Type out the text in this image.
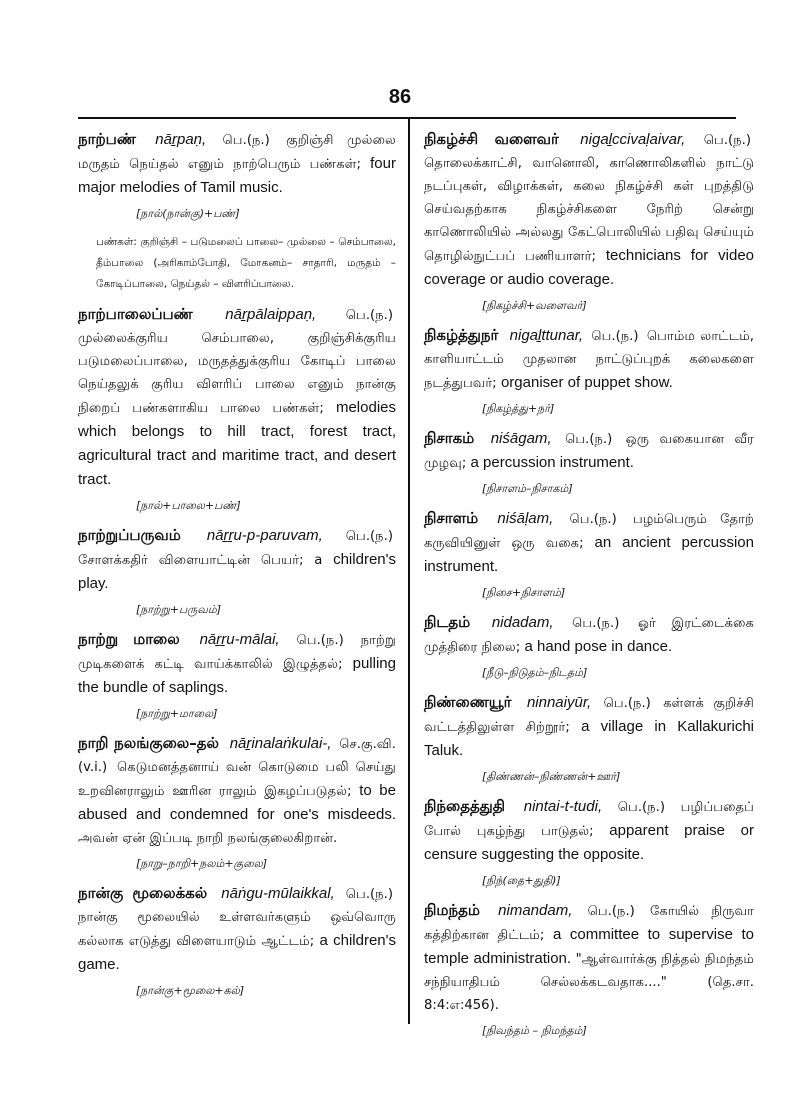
86
நாற்பண் nāṟpaṇ, பெ.(ந.) குறிஞ்சி முல்லை மருதம் நெய்தல் எனும் நாற்பெரும் பண்கள்; four major melodies of Tamil music.
[நால்(நான்கு)+பண்]
பண்கள்: குறிஞ்சி – படுமலைப் பாலை– முல்லை – செம்பாலை, தீம்பாலை (அரிகாம்போதி, மோகனம்– சாதாரி, மருதம் – கோடிப்பாலை, நெய்தல் – விளரிப்பாலை.
நாற்பாலைப்பண் nāṟpālaippaṇ, பெ.(ந.) முல்லைக்குரிய செம்பாலை, குறிஞ்சிக்குரிய படுமலைப்பாலை, மருதத்துக்குரிய கோடிப் பாலை நெய்தலுக் குரிய விளரிப் பாலை எனும் நான்கு நிறைப் பண்களாகிய பாலை பண்கள்; melodies which belongs to hill tract, forest tract, agricultural tract and maritime tract, and desert tract.
[நால்+பாலை+பண்]
நாற்றுப்பருவம் nāṟṟu-p-paruvam, பெ.(ந.) சோளக்கதிர் விளையாட்டின் பெயர்; a children's play.
[நாற்று+பருவம்]
நாற்று மாலை nāṟṟu-mālai, பெ.(ந.) நாற்று முடிகளைக் கட்டி வாய்க்காலில் இழுத்தல்; pulling the bundle of saplings.
[நாற்று+மாலை]
நாறி நலங்குலை–தல் nāṟinalaṅkulai-, செ.கு.வி.(v.i.) கெடுமனத்தனாய் வன் கொடுமை பலி செய்து உறவினராலும் ஊரின ராலும் இகழப்படுதல்; to be abused and condemned for one's misdeeds. அவன் ஏன் இப்படி நாறி நலங்குலைகிறான்.
[நாறு–நாறி+நலம்+குலை]
நான்கு மூலைக்கல் nāṅgu-mūlaikkal, பெ.(ந.) நான்கு மூலையில் உள்ளவர்களும் ஒவ்வொரு கல்லாக எடுத்து விளையாடும் ஆட்டம்; a children's game.
[நான்கு+மூலை+கல்]
நிகழ்ச்சி வளைவர் nigaḻccivaḷaivar, பெ.(ந.) தொலைக்காட்சி, வானொலி, காணொலிகளில் நாட்டு நடப்புகள், விழாக்கள், கலை நிகழ்ச்சி கள் புறத்திடு செய்வதற்காக நிகழ்ச்சிகளை நேரிற் சென்று காணொலியில் அல்லது கேட்பொலியில் பதிவு செய்யும் தொழில்நுட்பப் பணியாளர்; technicians for video coverage or audio coverage.
[நிகழ்ச்சி+வளைவர்]
நிகழ்த்துநர் nigaḻttunar, பெ.(ந.) பொம்ம லாட்டம், காளியாட்டம் முதலான நாட்டுப்புறக் கலைகளை நடத்துபவர்; organiser of puppet show.
[நிகழ்த்து+நர்]
நிசாகம் niśāgam, பெ.(ந.) ஒரு வகையான வீர முழவு; a percussion instrument.
[நிசாளம்–நிசாகம்]
நிசாளம் niśāḷam, பெ.(ந.) பழம்பெரும் தோற் கருவியினுள் ஒரு வகை; an ancient percussion instrument.
[நிசை+நிசாளம்]
நிடதம் nidadam, பெ.(ந.) ஓர் இரட்டைக்கை முத்திரை நிலை; a hand pose in dance.
[நீடு–நிடுதம்–நிடதம்]
நிண்ணையூர் ninnaiyūr, பெ.(ந.) கள்ளக் குறிச்சி வட்டத்திலுள்ள சிற்றூர்; a village in Kallakurichi Taluk.
[திண்ணன்–நிண்ணன்+ஊர்]
நிந்தைத்துதி nintai-t-tudi, பெ.(ந.) பழிப்பதைப் போல் புகழ்ந்து பாடுதல்; apparent praise or censure suggesting the opposite.
[நிந்(தை+துதி)]
நிமந்தம் nimandam, பெ.(ந.) கோயில் நிருவா கத்திற்கான திட்டம்; a committee to supervise to temple administration. "ஆள்வார்க்கு நித்தல் நிமந்தம் சந்நியாதிபம் செல்லக்கடவதாக...." (தெ.சா. 8:4:எ:456).
[நிவந்தம் – நிமந்தம்]
